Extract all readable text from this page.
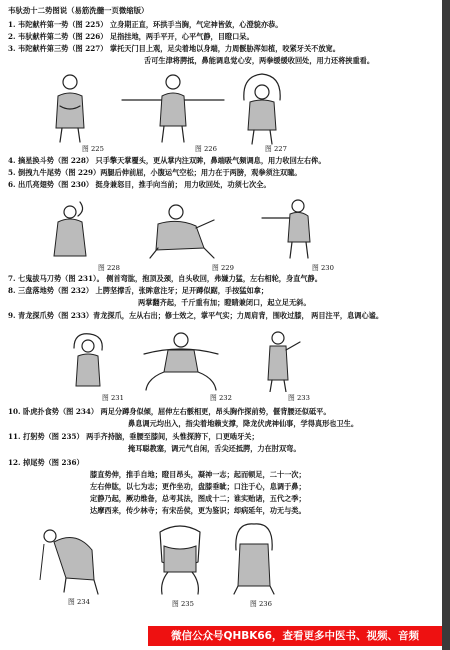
韦驮劲十二势图说（易筋洗髓一页微缩版）
1. 韦陀献杵第一势（图 225） 立身期正直，环拱手当胸，气定神皆敛，心澄貌亦恭。
2. 韦驮献杵第二势（图 226） 足指挂地，两手平开，心平气静，目瞪口呆。
3. 韦陀献杵第三势（图 227） 掌托天门目上观，足尖着地以身端，力周骽胁浑如植，咬紧牙关不放宽。
舌可生津将腭抵，鼻能调息觉心安，两拳缓缓收回处，用力还将挟重看。
图 225	图 226	图 227
4. 摘星换斗势（图 228） 只手擎天掌覆头，更从掌内注双眸，鼻端吸气频调息，用力收回左右侔。
5. 倒拽九牛尾势（图 229）两腿后伸前屈，小腹运气空松；用力在于两膀，观拳须注双瞳。
6. 出爪亮翅势（图 230） 挺身兼怒目，推手向当前； 用力收回处，功须七次全。
图 228	图 229	图 230
7. 七鬼拔马刀势（图 231）。 侧首弯肱，抱顶及颈，自头收回，弗嫌力猛，左右相轮，身直气静。
8. 三盘落地势（图 232） 上腭坚撑舌，张眸意注牙；足开蹲似踞，手按猛如拿；
两掌翻齐起，千斤重有加；瞪睛兼闭口，起立足无斜。
9. 青龙探爪势（图 233）青龙探爪，左从右出；修士效之，掌平气实；力周肩背，围收过膝， 两目注平，息调心谧。
图 231	图 232	图 233
10. 卧虎扑食势（图 234） 两足分蹲身似倾，屈伸左右骽相更，昂头胸作探前势，偃背腰还似砥平。
鼻息调元均出入，指尖着地赖支撑，降龙伏虎神仙事，学得真形也卫生。
11. 打躬势（图 235） 两手齐持脑，垂腰至膝间，头惟探胯下，口更啮牙关；
掩耳聪教塞，调元气自闲，舌尖还抵腭，力在肘双弯。
12. 掉尾势（图 236）
膝直势伸，推手自地；瞪目昂头，凝神一志；起而顿足，二十一次；
左右伸肱，以七为志；更作坐功，盘膝垂眦；口注于心，息调于鼻；
定静乃起，厥功维备，总考其法，图成十二；谁实贻诸，五代之季；
达摩西来，传少林寺；有宋岳侯，更为鉴识；却病延年，功无与类。
图 234	图 235	图 236
微信公众号QHBK66，查看更多中医书、视频、音频
